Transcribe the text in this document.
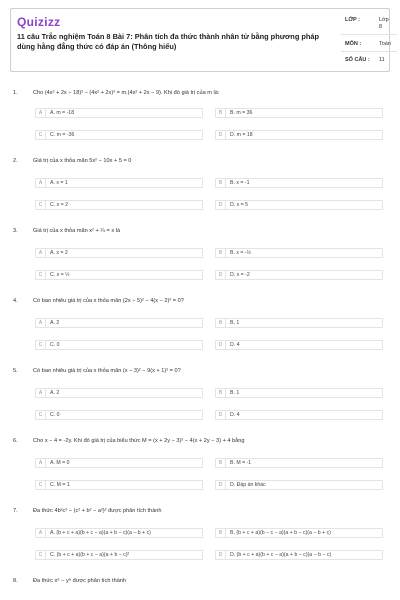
Quizizz
11 câu Trắc nghiệm Toán 8 Bài 7: Phân tích đa thức thành nhân tử bằng phương pháp dùng hằng đẳng thức có đáp án (Thông hiểu)
LỚP :	Lớp 8
MÔN :	Toán
SỐ CÂU : 11
1.	Cho (4x² + 2x − 18)² − (4x² + 2x)² = m.(4x² + 2x − 9). Khi đó giá trị của m là:
A	A. m = -18	B	B. m = 36
C	C. m = -36	D	D. m = 18
2.	Giá trị của x thỏa mãn 5x² − 10x + 5 = 0
A	A. x = 1	B	B. x = -1
C	C. x = 2	D	D. x = 5
3.	Giá trị của x thỏa mãn x² + ¼ = x là
A	A. x = 2	B	B. x = -½
C	C. x = ½	D	D. x = -2
4.	Có bao nhiêu giá trị của x thỏa mãn (2x − 5)² − 4(x − 2)² = 0?
A	A. 2	B	B. 1
C	C. 0	D	D. 4
5.	Có bao nhiêu giá trị của x thỏa mãn (x − 3)² − 9(x + 1)² = 0?
A	A. 2	B	B. 1
C	C. 0	D	D. 4
6.	Cho x − 4 = -2y. Khi đó giá trị của biểu thức M = (x + 2y − 3)² − 4(x + 2y − 3) + 4 bằng
A	A. M = 0	B	B. M = -1
C	C. M = 1	D	D. Đáp án khác
7.	Đa thức 4b²c² − (c² + b² − a²)² được phân tích thành
A	A. (b + c + a)(b + c − a)(a + b − c)(a − b + c)	B	B. (b + c + a)(b − c − a)(a + b − c)(a − b + c)
C	C. (b + c + a)(b + c − a)(a + b − c)²	D	D. (b + c + a)(b + c − a)(a + b − c)(a − b − c)
8.	Đa thức x⁶ − y⁶ được phân tích thành
